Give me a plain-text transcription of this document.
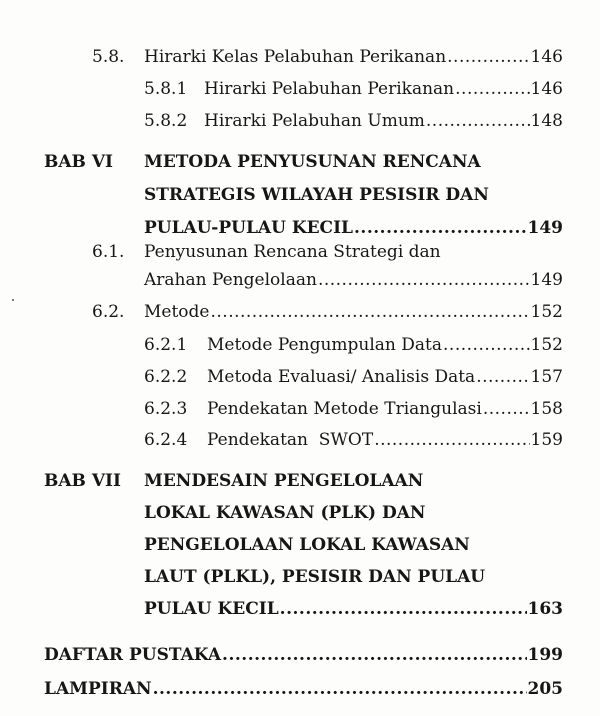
5.8. Hirarki Kelas Pelabuhan Perikanan .....	146
5.8.1 Hirarki Pelabuhan Perikanan .....	146
5.8.2 Hirarki Pelabuhan Umum .....	148
BAB VI METODA PENYUSUNAN RENCANA
STRATEGIS WILAYAH PESISIR DAN
PULAU-PULAU KECIL .....	149
6.1. Penyusunan Rencana Strategi dan
Arahan Pengelolaan .....	149
6.2. Metode .....	152
6.2.1 Metode Pengumpulan Data .....	152
6.2.2 Metoda Evaluasi/ Analisis Data .....	157
6.2.3 Pendekatan Metode Triangulasi .....	158
6.2.4 Pendekatan  SWOT .....	159
BAB VII MENDESAIN PENGELOLAAN
LOKAL KAWASAN (PLK) DAN
PENGELOLAAN LOKAL KAWASAN
LAUT (PLKL), PESISIR DAN PULAU
PULAU KECIL .....	163
DAFTAR PUSTAKA .....	199
LAMPIRAN .....	205
